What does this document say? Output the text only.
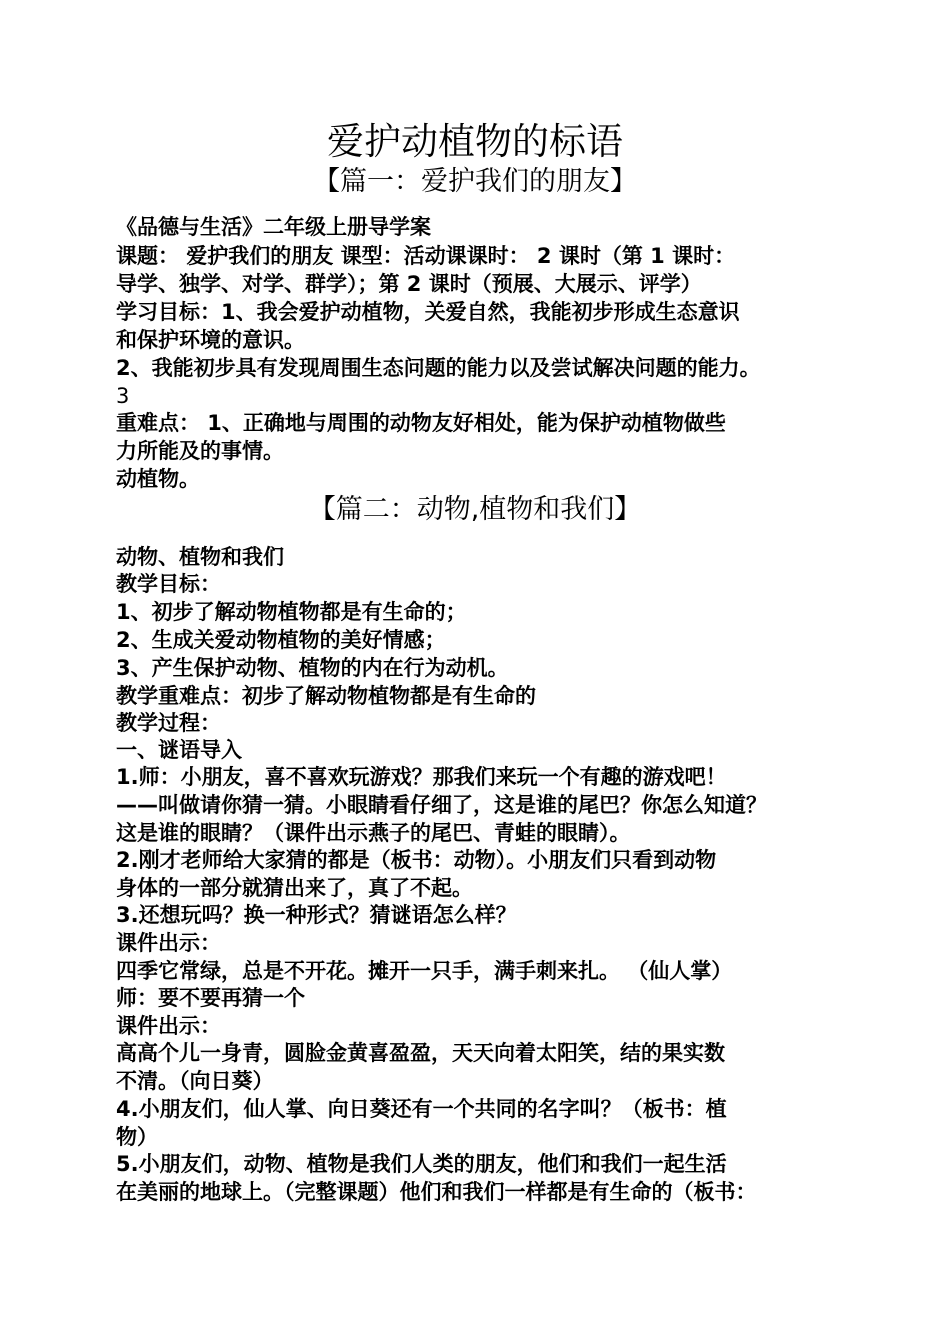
爱护动植物的标语
【篇一：爱护我们的朋友】
《品德与生活》二年级上册导学案
课题： 爱护我们的朋友 课型：活动课课时： 2 课时（第 1 课时：
导学、独学、对学、群学）；第 2 课时（预展、大展示、评学）
学习目标：1、我会爱护动植物，关爱自然，我能初步形成生态意识
和保护环境的意识。
2、我能初步具有发现周围生态问题的能力以及尝试解决问题的能力。
3
重难点： 1、正确地与周围的动物友好相处，能为保护动植物做些
力所能及的事情。
动植物。
【篇二：动物,植物和我们】
动物、植物和我们
教学目标：
1、初步了解动物植物都是有生命的；
2、生成关爱动物植物的美好情感；
3、产生保护动物、植物的内在行为动机。
教学重难点：初步了解动物植物都是有生命的
教学过程：
一、谜语导入
1.师：小朋友，喜不喜欢玩游戏？那我们来玩一个有趣的游戏吧！
——叫做请你猜一猜。小眼睛看仔细了，这是谁的尾巴？你怎么知道？
这是谁的眼睛？（课件出示燕子的尾巴、青蛙的眼睛）。
2.刚才老师给大家猜的都是（板书：动物）。小朋友们只看到动物
身体的一部分就猜出来了，真了不起。
3.还想玩吗？换一种形式？猜谜语怎么样？
课件出示：
四季它常绿，总是不开花。摊开一只手，满手刺来扎。 （仙人掌）
师：要不要再猜一个
课件出示：
高高个儿一身青，圆脸金黄喜盈盈，天天向着太阳笑，结的果实数
不清。（向日葵）
4.小朋友们，仙人掌、向日葵还有一个共同的名字叫？（板书：植
物）
5.小朋友们，动物、植物是我们人类的朋友，他们和我们一起生活
在美丽的地球上。（完整课题）他们和我们一样都是有生命的（板书：
